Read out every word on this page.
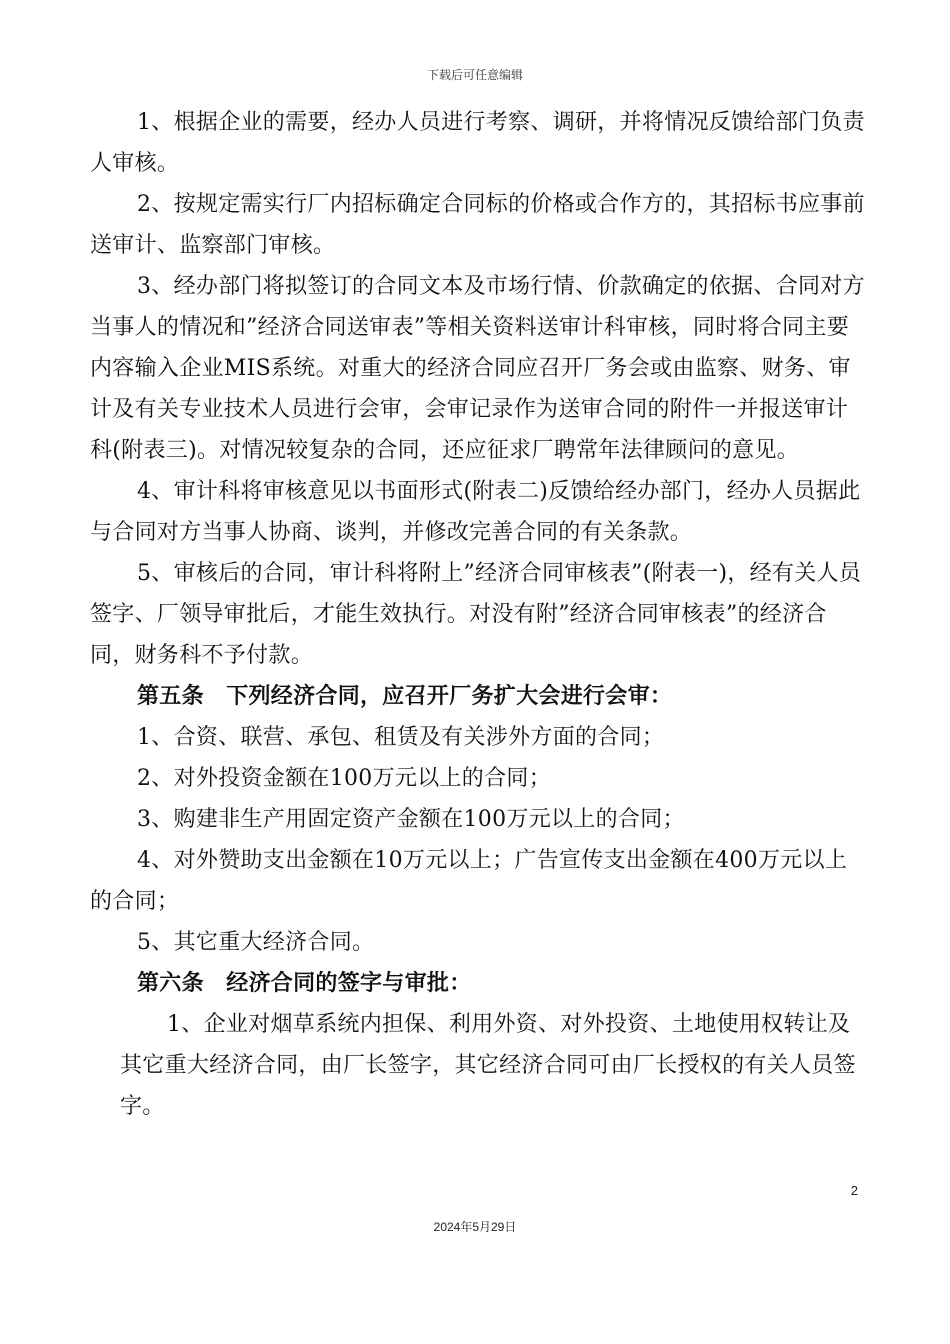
下载后可任意编辑

1、根据企业的需要，经办人员进行考察、调研，并将情况反馈给部门负责人审核。

2、按规定需实行厂内招标确定合同标的价格或合作方的，其招标书应事前送审计、监察部门审核。

3、经办部门将拟签订的合同文本及市场行情、价款确定的依据、合同对方当事人的情况和”经济合同送审表”等相关资料送审计科审核，同时将合同主要内容输入企业MIS系统。对重大的经济合同应召开厂务会或由监察、财务、审计及有关专业技术人员进行会审，会审记录作为送审合同的附件一并报送审计科(附表三)。对情况较复杂的合同，还应征求厂聘常年法律顾问的意见。

4、审计科将审核意见以书面形式(附表二)反馈给经办部门，经办人员据此与合同对方当事人协商、谈判，并修改完善合同的有关条款。

5、审核后的合同，审计科将附上”经济合同审核表”(附表一)，经有关人员签字、厂领导审批后，才能生效执行。对没有附”经济合同审核表”的经济合同，财务科不予付款。

第五条　下列经济合同，应召开厂务扩大会进行会审：

1、合资、联营、承包、租赁及有关涉外方面的合同；

2、对外投资金额在100万元以上的合同；

3、购建非生产用固定资产金额在100万元以上的合同；

4、对外赞助支出金额在10万元以上；广告宣传支出金额在400万元以上的合同；

5、其它重大经济合同。

第六条　经济合同的签字与审批：

1、企业对烟草系统内担保、利用外资、对外投资、土地使用权转让及其它重大经济合同，由厂长签字，其它经济合同可由厂长授权的有关人员签字。

2
2024年5月29日
